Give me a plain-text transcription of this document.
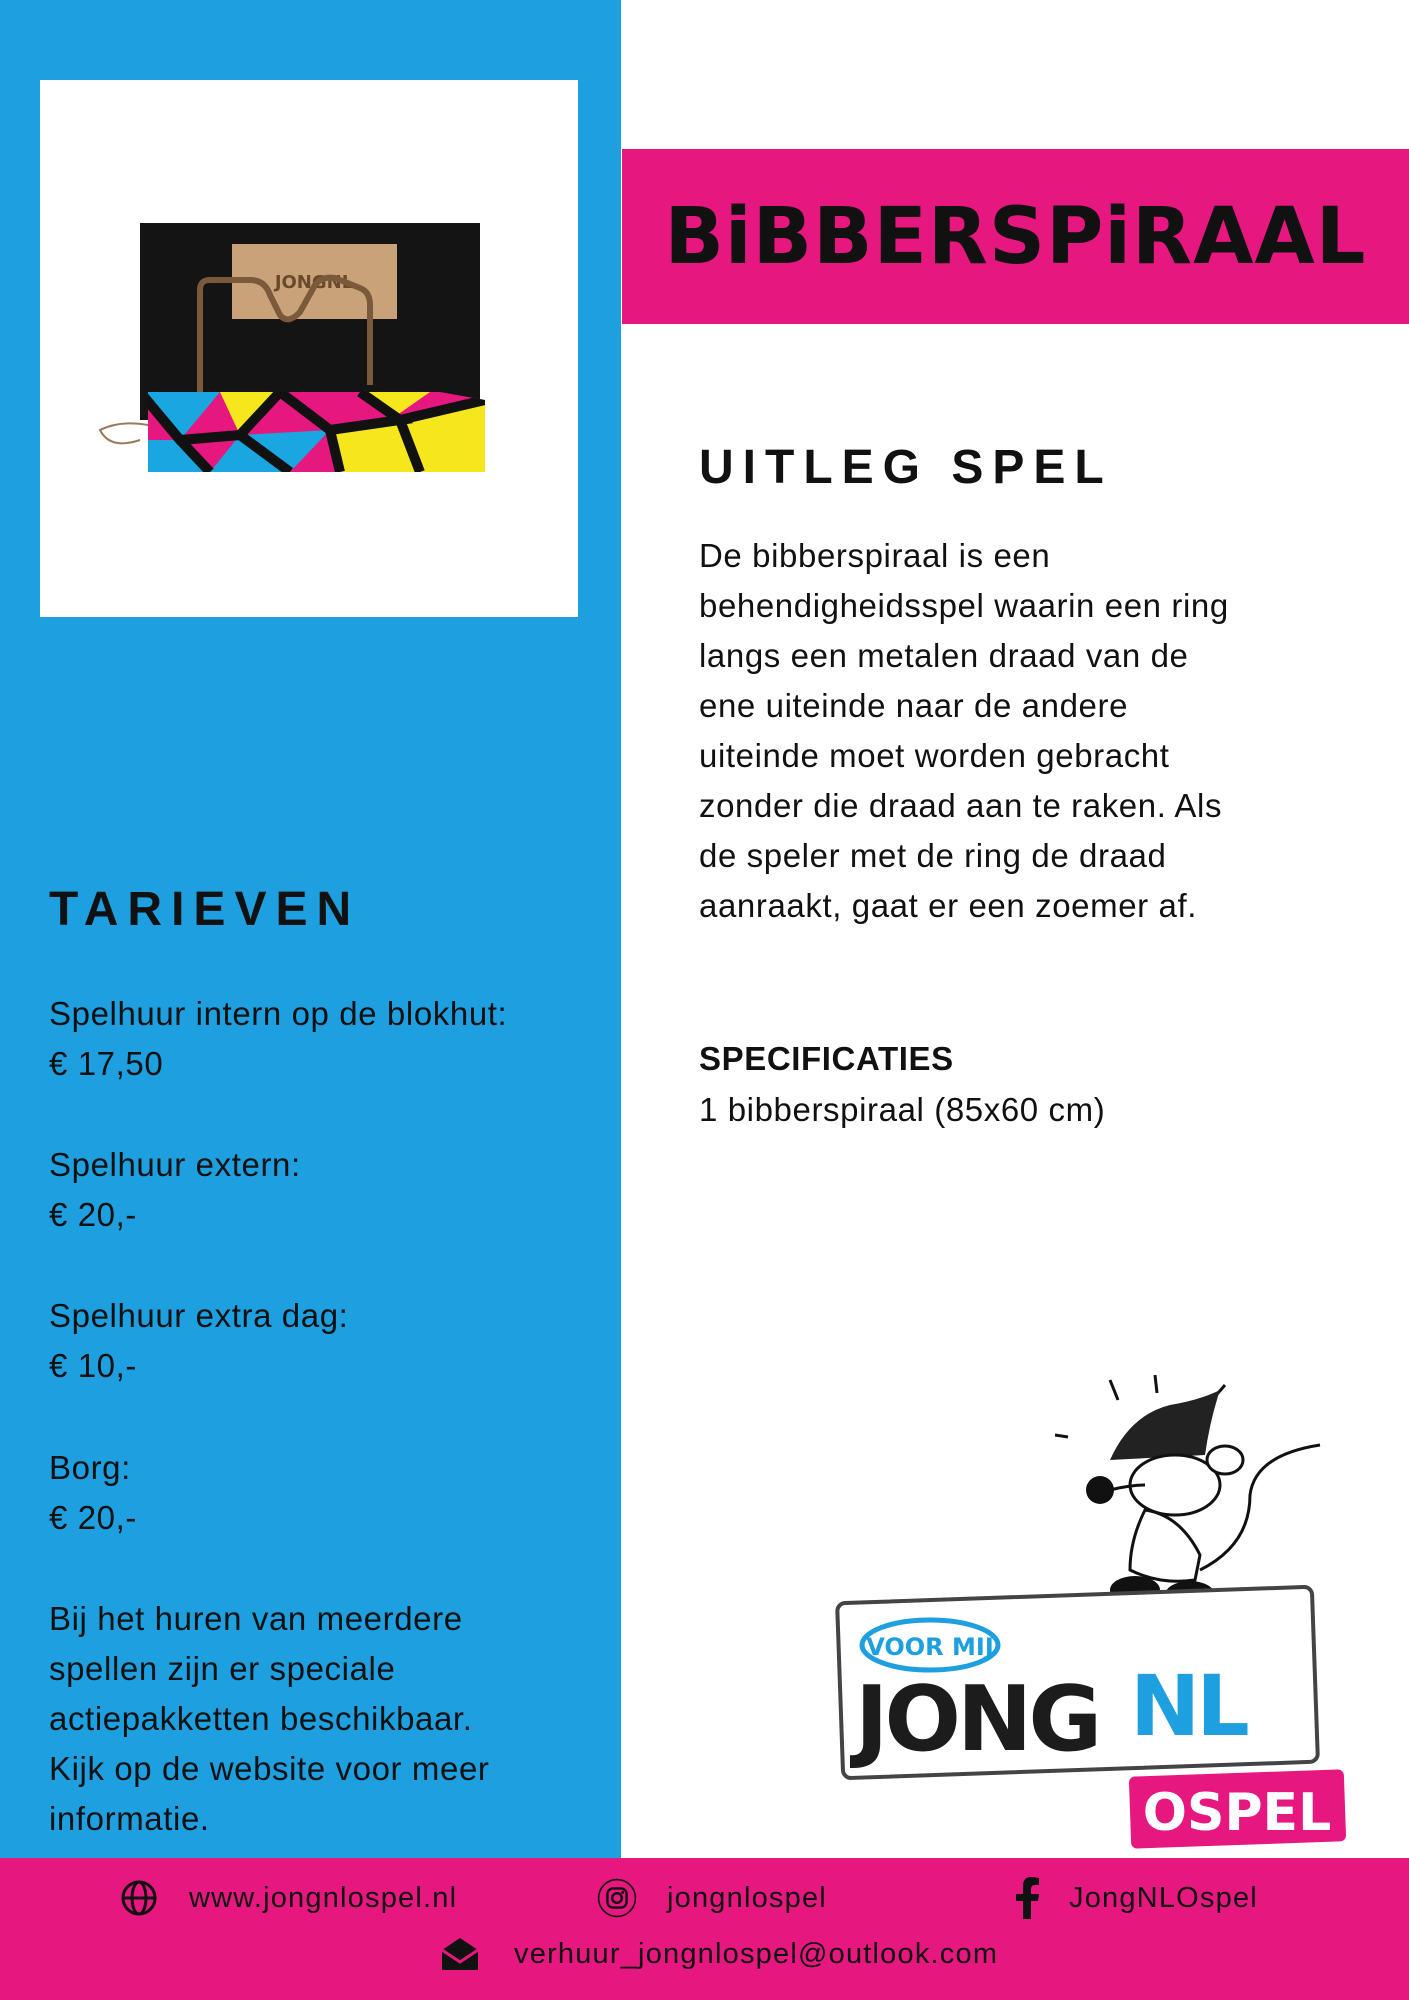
JONGNL
BiBBERSPiRAAL
UITLEG SPEL
De bibberspiraal is een
behendigheidsspel waarin een ring
langs een metalen draad van de
ene uiteinde naar de andere
uiteinde moet worden gebracht
zonder die draad aan te raken. Als
de speler met de ring de draad
aanraakt, gaat er een zoemer af.
SPECIFICATIES
1 bibberspiraal (85x60 cm)
TARIEVEN
Spelhuur intern op de blokhut:
€ 17,50
Spelhuur extern:
€ 20,-
Spelhuur extra dag:
€ 10,-
Borg:
€ 20,-
Bij het huren van meerdere
spellen zijn er speciale
actiepakketten beschikbaar.
Kijk op de website voor meer
informatie.
VOOR MIJ
JONG NL
OSPEL
www.jongnlospel.nl	jongnlospel	JongNLOspel
verhuur_jongnlospel@outlook.com
